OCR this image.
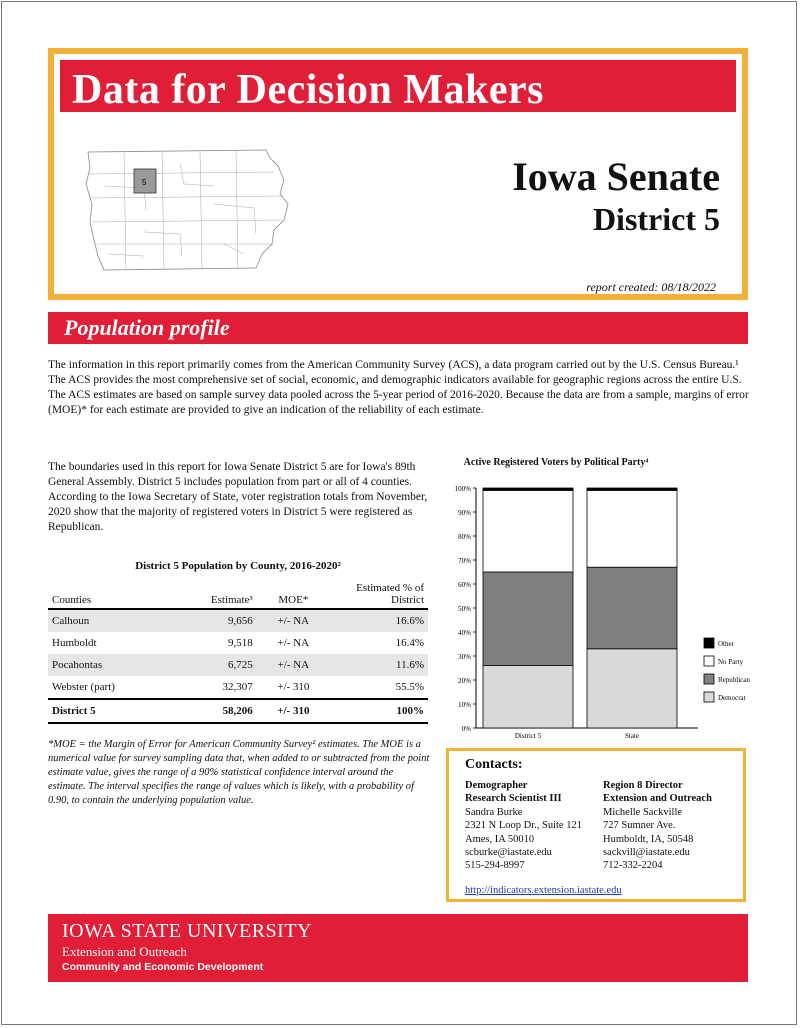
Data for Decision Makers
5	Iowa Senate
District 5
report created: 08/18/2022
Population profile
The information in this report primarily comes from the American Community Survey (ACS), a data program carried out by the U.S. Census Bureau.¹ The ACS provides the most comprehensive set of social, economic, and demographic indicators available for geographic regions across the entire U.S. The ACS estimates are based on sample survey data pooled across the 5-year period of 2016-2020. Because the data are from a sample, margins of error (MOE)* for each estimate are provided to give an indication of the reliability of each estimate.
The boundaries used in this report for Iowa Senate District 5 are for Iowa's 89th General Assembly. District 5 includes population from part or all of 4 counties. According to the Iowa Secretary of State, voter registration totals from November, 2020 show that the majority of registered voters in District 5 were registered as Republican.
District 5 Population by County, 2016-2020²
Counties	Estimate³	MOE*	Estimated % of District
Calhoun	9,656	+/- NA	16.6%
Humboldt	9,518	+/- NA	16.4%
Pocahontas	6,725	+/- NA	11.6%
Webster (part)	32,307	+/- 310	55.5%
District 5	58,206	+/- 310	100%
*MOE = the Margin of Error for American Community Survey² estimates. The MOE is a numerical value for survey sampling data that, when added to or subtracted from the point estimate value, gives the range of a 90% statistical confidence interval around the estimate. The interval specifies the range of values which is likely, with a probability of 0.90, to contain the underlying population value.
Active Registered Voters by Political Party⁴
0%
10%
20%
30%
40%
50%
60%
70%
80%
90%
100%
District 5	State
Other
No Party
Republican
Democrat
Contacts:
Demographer
Research Scientist III
Sandra Burke
2321 N Loop Dr., Suite 121
Ames, IA 50010
scburke@iastate.edu
515-294-8997
Region 8 Director
Extension and Outreach
Michelle Sackville
727 Sumner Ave.
Humboldt, IA, 50548
sackvill@iastate.edu
712-332-2204
http://indicators.extension.iastate.edu
IOWA STATE UNIVERSITY
Extension and Outreach
Community and Economic Development
